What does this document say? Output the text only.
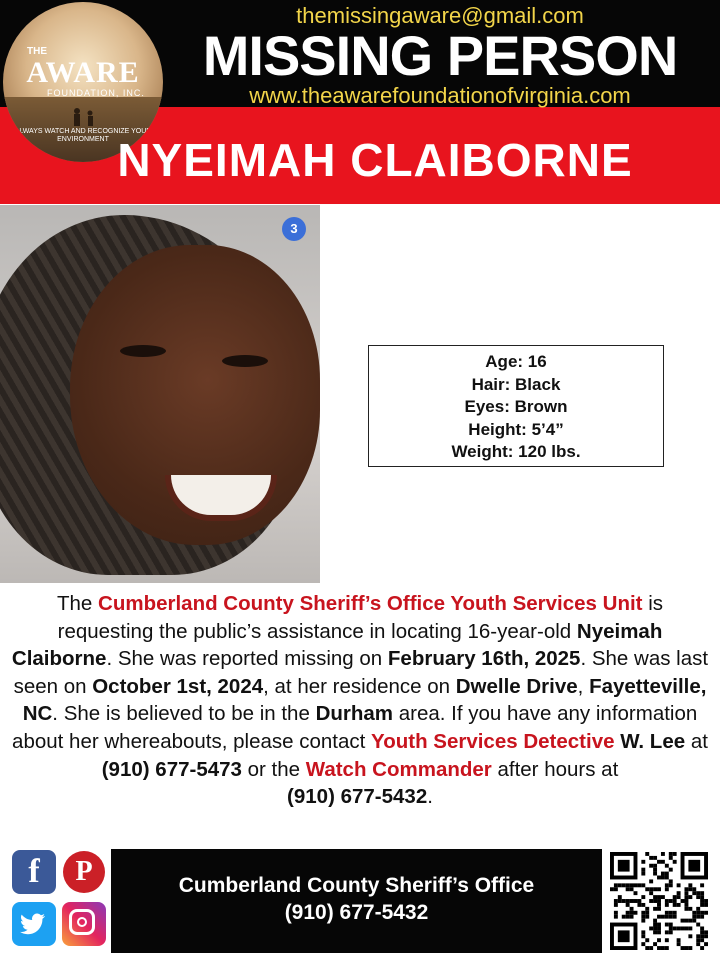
THE
AWARE
FOUNDATION, INC.
ALWAYS WATCH AND RECOGNIZE YOUR ENVIRONMENT
themissingaware@gmail.com
MISSING PERSON
www.theawarefoundationofvirginia.com
NYEIMAH CLAIBORNE
3
Age: 16
Hair: Black
Eyes: Brown
Height: 5’4”
Weight: 120 lbs.
The Cumberland County Sheriff’s Office Youth Services Unit is requesting the public’s assistance in locating 16-year-old Nyeimah Claiborne. She was reported missing on February 16th, 2025. She was last seen on October 1st, 2024, at her residence on Dwelle Drive, Fayetteville, NC. She is believed to be in the Durham area. If you have any information about her whereabouts, please contact Youth Services Detective W. Lee at (910) 677-5473 or the Watch Commander after hours at
(910) 677-5432.
f	P	Cumberland County Sheriff’s Office
(910) 677-5432
